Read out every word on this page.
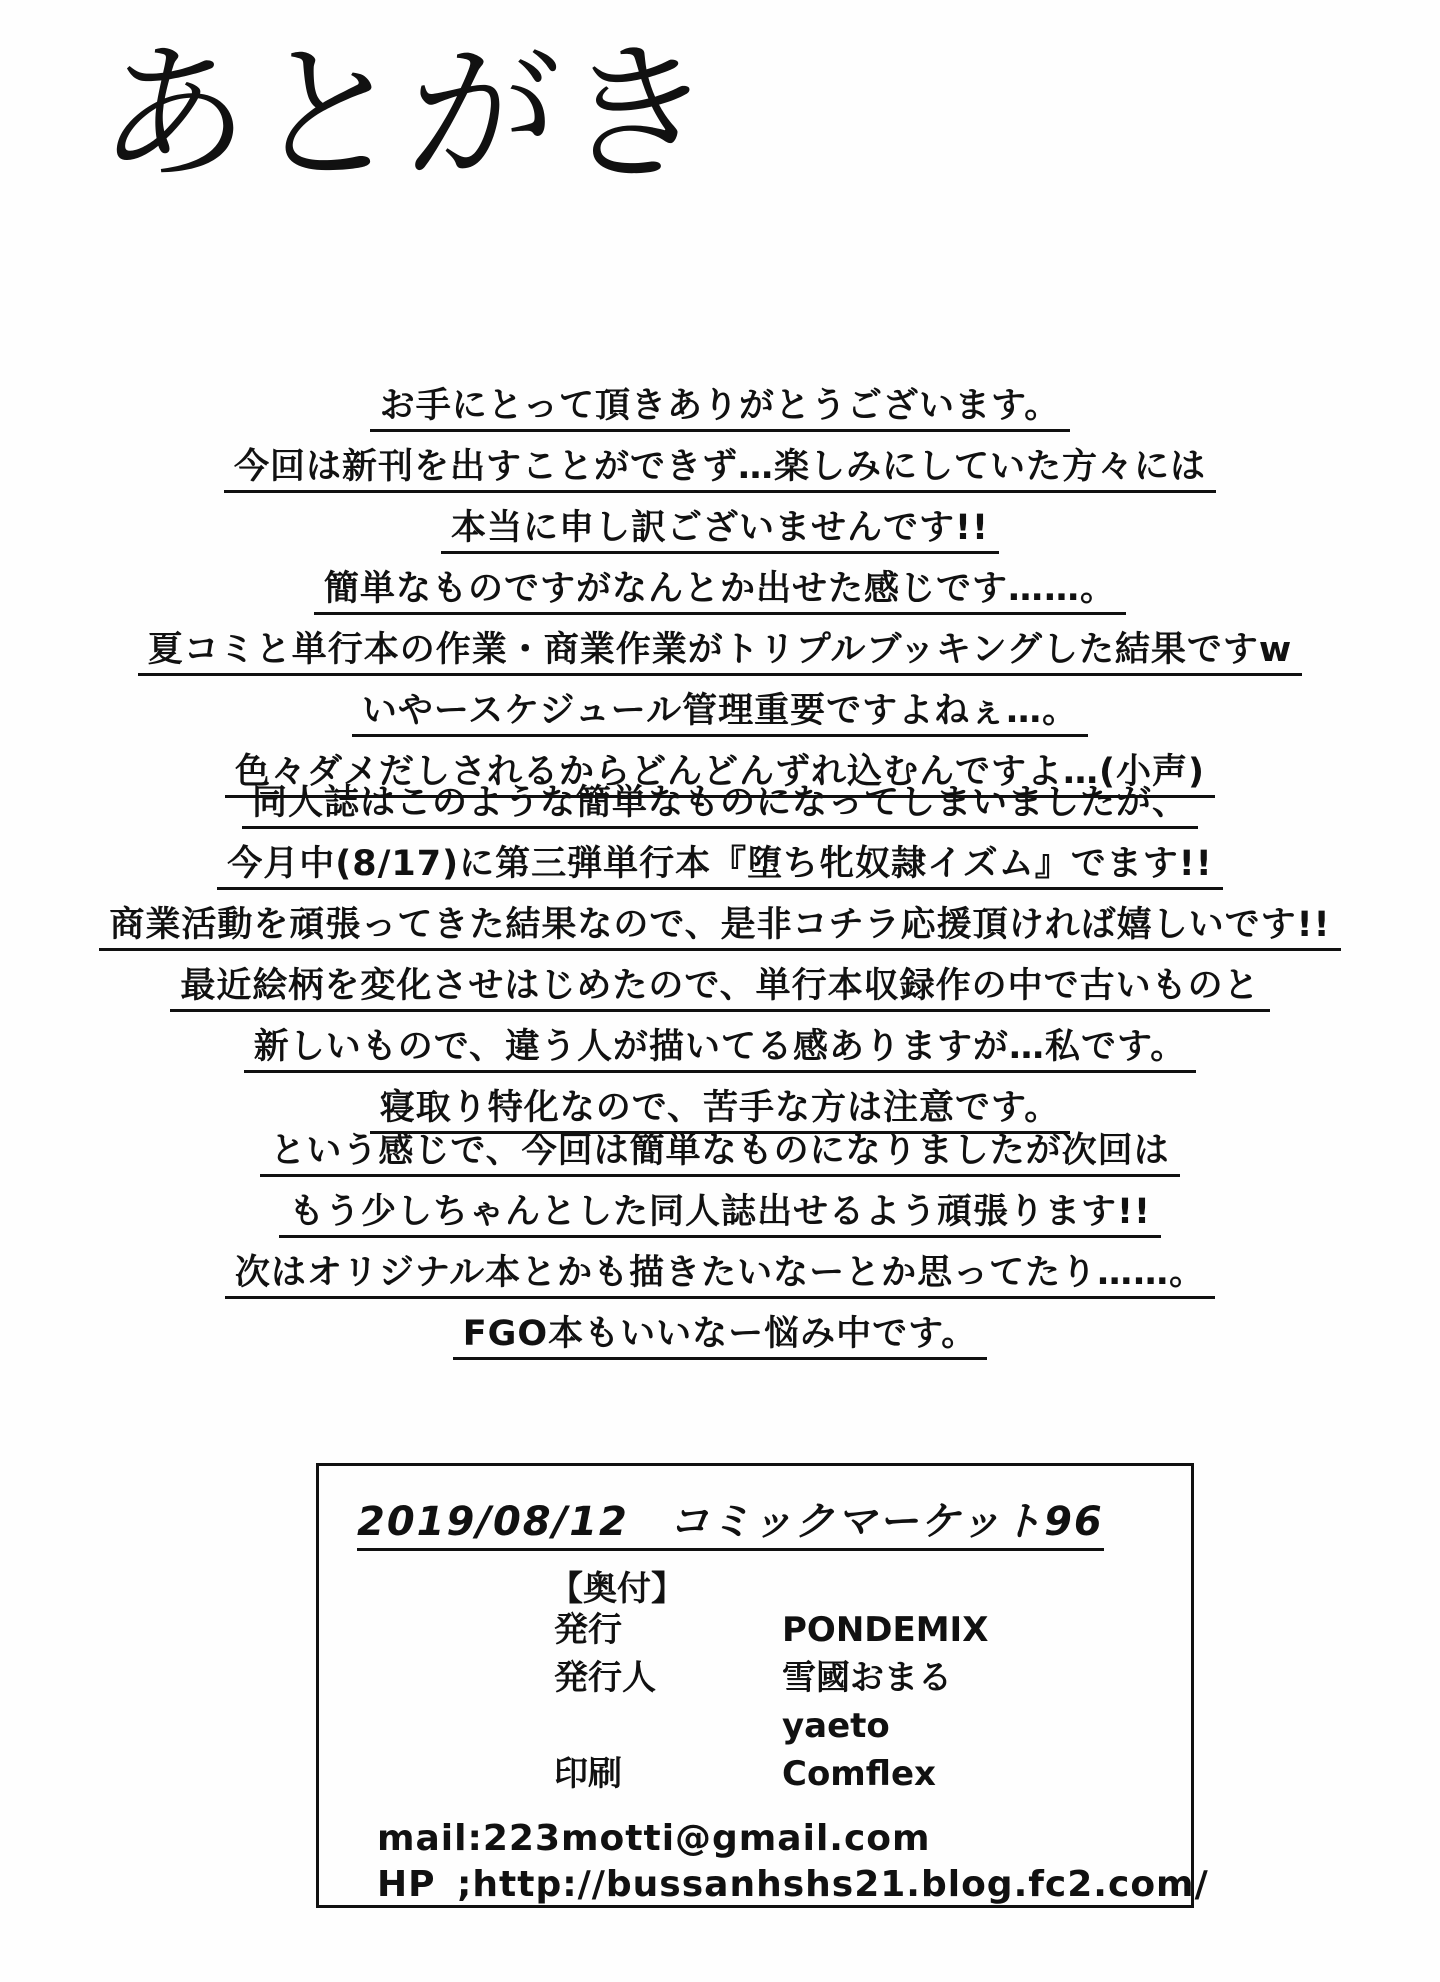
あとがき
お手にとって頂きありがとうございます。
今回は新刊を出すことができず…楽しみにしていた方々には
本当に申し訳ございませんです!!
簡単なものですがなんとか出せた感じです……。
夏コミと単行本の作業・商業作業がトリプルブッキングした結果ですw
いやースケジュール管理重要ですよねぇ…。
色々ダメだしされるからどんどんずれ込むんですよ…(小声)
同人誌はこのような簡単なものになってしまいましたが、
今月中(8/17)に第三弾単行本『堕ち牝奴隷イズム』でます!!
商業活動を頑張ってきた結果なので、是非コチラ応援頂ければ嬉しいです!!
最近絵柄を変化させはじめたので、単行本収録作の中で古いものと
新しいもので、違う人が描いてる感ありますが…私です。
寝取り特化なので、苦手な方は注意です。
という感じで、今回は簡単なものになりましたが次回は
もう少しちゃんとした同人誌出せるよう頑張ります!!
次はオリジナル本とかも描きたいなーとか思ってたり……。
FGO本もいいなー悩み中です。
2019/08/12 コミックマーケット96
【奥付】
発行	PONDEMIX
発行人	雪國おまる
yaeto
印刷	Comflex
mail:223motti@gmail.com
HP ;http://bussanhshs21.blog.fc2.com/
